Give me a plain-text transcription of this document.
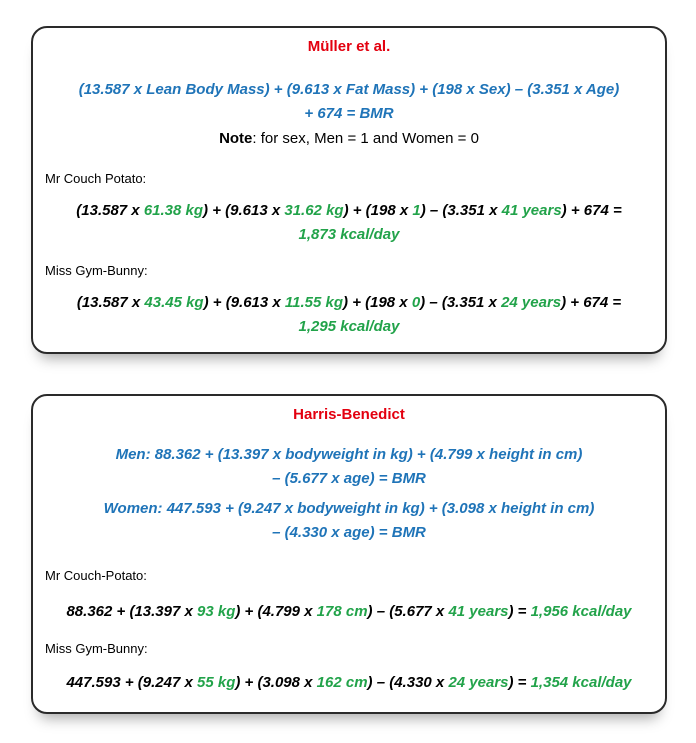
Müller et al.
(13.587 x Lean Body Mass) + (9.613 x Fat Mass) + (198 x Sex) – (3.351 x Age)
+ 674 = BMR
Note: for sex, Men = 1 and Women = 0
Mr Couch Potato:
(13.587 x 61.38 kg) + (9.613 x 31.62 kg) + (198 x 1) – (3.351 x 41 years) + 674 =
1,873 kcal/day
Miss Gym-Bunny:
(13.587 x 43.45 kg) + (9.613 x 11.55 kg) + (198 x 0) – (3.351 x 24 years) + 674 =
1,295 kcal/day
Harris-Benedict
Men: 88.362 + (13.397 x bodyweight in kg) + (4.799 x height in cm)
– (5.677 x age) = BMR
Women: 447.593 + (9.247 x bodyweight in kg) + (3.098 x height in cm)
– (4.330 x age) = BMR
Mr Couch-Potato:
88.362 + (13.397 x 93 kg) + (4.799 x 178 cm) – (5.677 x 41 years) = 1,956 kcal/day
Miss Gym-Bunny:
447.593 + (9.247 x 55 kg) + (3.098 x 162 cm) – (4.330 x 24 years) = 1,354 kcal/day
